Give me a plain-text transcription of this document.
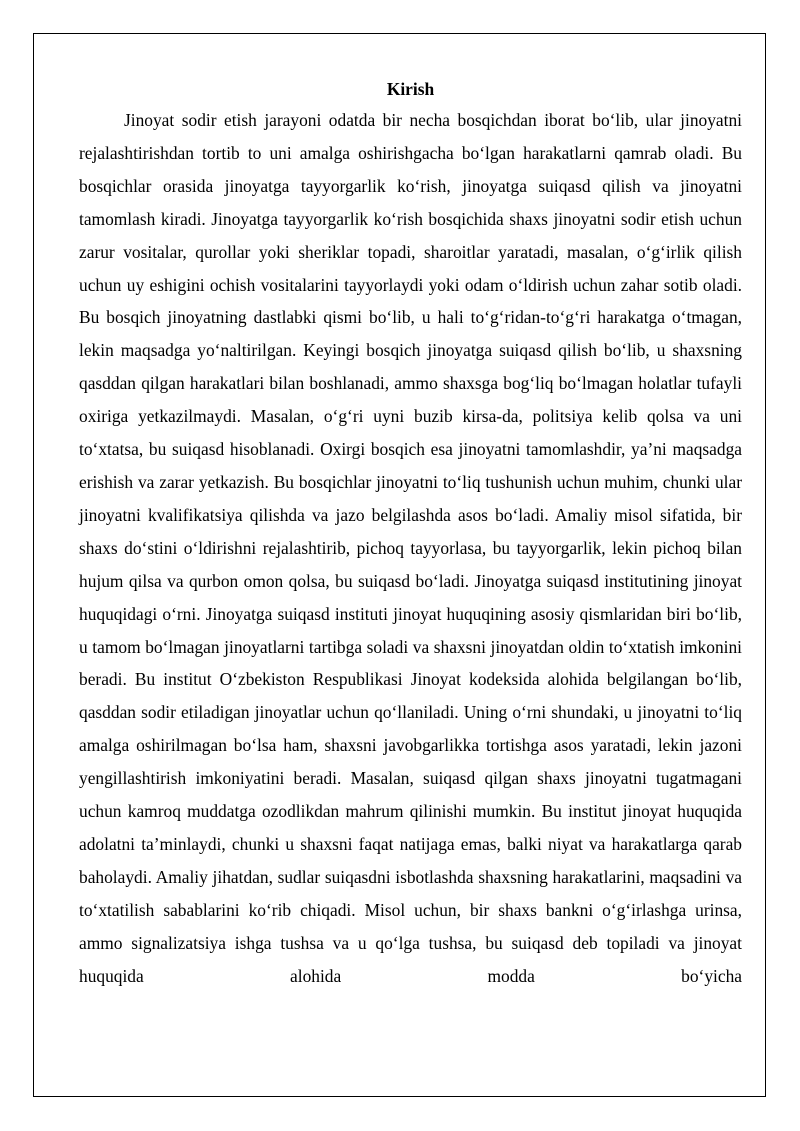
Kirish

Jinoyat sodir etish jarayoni odatda bir necha bosqichdan iborat bo‘lib, ular jinoyatni rejalashtirishdan tortib to uni amalga oshirishgacha bo‘lgan harakatlarni qamrab oladi. Bu bosqichlar orasida jinoyatga tayyorgarlik ko‘rish, jinoyatga suiqasd qilish va jinoyatni tamomlash kiradi. Jinoyatga tayyorgarlik ko‘rish bosqichida shaxs jinoyatni sodir etish uchun zarur vositalar, qurollar yoki sheriklar topadi, sharoitlar yaratadi, masalan, o‘g‘irlik qilish uchun uy eshigini ochish vositalarini tayyorlaydi yoki odam o‘ldirish uchun zahar sotib oladi. Bu bosqich jinoyatning dastlabki qismi bo‘lib, u hali to‘g‘ridan-to‘g‘ri harakatga o‘tmagan, lekin maqsadga yo‘naltirilgan. Keyingi bosqich jinoyatga suiqasd qilish bo‘lib, u shaxsning qasddan qilgan harakatlari bilan boshlanadi, ammo shaxsga bog‘liq bo‘lmagan holatlar tufayli oxiriga yetkazilmaydi. Masalan, o‘g‘ri uyni buzib kirsa-da, politsiya kelib qolsa va uni to‘xtatsa, bu suiqasd hisoblanadi. Oxirgi bosqich esa jinoyatni tamomlashdir, ya’ni maqsadga erishish va zarar yetkazish. Bu bosqichlar jinoyatni to‘liq tushunish uchun muhim, chunki ular jinoyatni kvalifikatsiya qilishda va jazo belgilashda asos bo‘ladi. Amaliy misol sifatida, bir shaxs do‘stini o‘ldirishni rejalashtirib, pichoq tayyorlasa, bu tayyorgarlik, lekin pichoq bilan hujum qilsa va qurbon omon qolsa, bu suiqasd bo‘ladi. Jinoyatga suiqasd institutining jinoyat huquqidagi o‘rni. Jinoyatga suiqasd instituti jinoyat huquqining asosiy qismlaridan biri bo‘lib, u tamom bo‘lmagan jinoyatlarni tartibga soladi va shaxsni jinoyatdan oldin to‘xtatish imkonini beradi. Bu institut O‘zbekiston Respublikasi Jinoyat kodeksida alohida belgilangan bo‘lib, qasddan sodir etiladigan jinoyatlar uchun qo‘llaniladi. Uning o‘rni shundaki, u jinoyatni to‘liq amalga oshirilmagan bo‘lsa ham, shaxsni javobgarlikka tortishga asos yaratadi, lekin jazoni yengillashtirish imkoniyatini beradi. Masalan, suiqasd qilgan shaxs jinoyatni tugatmagani uchun kamroq muddatga ozodlikdan mahrum qilinishi mumkin. Bu institut jinoyat huquqida adolatni ta’minlaydi, chunki u shaxsni faqat natijaga emas, balki niyat va harakatlarga qarab baholaydi. Amaliy jihatdan, sudlar suiqasdni isbotlashda shaxsning harakatlarini, maqsadini va to‘xtatilish sabablarini ko‘rib chiqadi. Misol uchun, bir shaxs bankni o‘g‘irlashga urinsa, ammo signalizatsiya ishga tushsa va u qo‘lga tushsa, bu suiqasd deb topiladi va jinoyat huquqida alohida modda bo‘yicha
